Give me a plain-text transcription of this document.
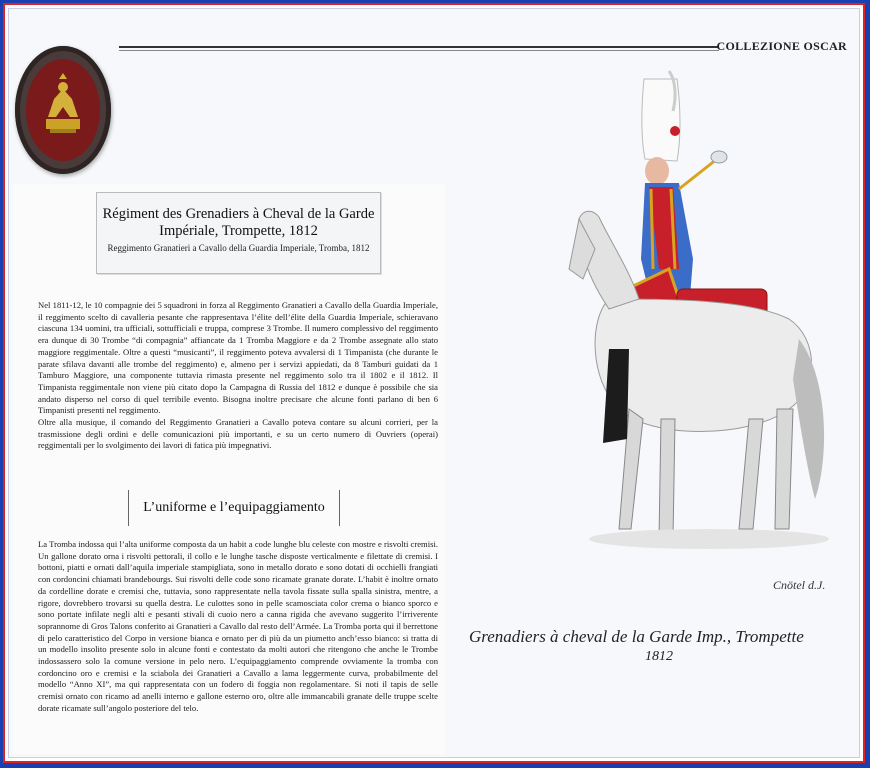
COLLEZIONE OSCAR
Régiment des Grenadiers à Cheval de la Garde
Impériale, Trompette, 1812
Reggimento Granatieri a Cavallo della Guardia Imperiale, Tromba, 1812
Nel 1811-12, le 10 compagnie dei 5 squadroni in forza al Reggimento Granatieri a Cavallo della Guardia Imperiale, il reggimento scelto di cavalleria pesante che rappresentava l’élite dell’élite della Guardia Imperiale, schieravano ciascuna 134 uomini, tra ufficiali, sottufficiali e truppa, comprese 3 Trombe. Il numero complessivo del reggimento era dunque di 30 Trombe “di compagnia” affiancate da 1 Tromba Maggiore e da 2 Trombe assegnate allo stato maggiore reggimentale. Oltre a questi “musicanti”, il reggimento poteva avvalersi di 1 Timpanista (che durante le parate sfilava davanti alle trombe del reggimento) e, almeno per i servizi appiedati, da 8 Tamburi guidati da 1 Tamburo Maggiore, una componente tuttavia rimasta presente nel reggimento solo tra il 1802 e il 1812. Il Timpanista reggimentale non viene più citato dopo la Campagna di Russia del 1812 e dunque è possibile che sia andato disperso nel corso di quel terribile evento. Bisogna inoltre precisare che alcune fonti parlano di ben 6 Timpanisti presenti nel reggimento.
Oltre alla musique, il comando del Reggimento Granatieri a Cavallo poteva contare su alcuni corrieri, per la trasmissione degli ordini e delle comunicazioni più importanti, e su un certo numero di Ouvriers (operai) reggimentali per lo svolgimento dei lavori di fatica più impegnativi.
L’uniforme e l’equipaggiamento
La Tromba indossa qui l’alta uniforme composta da un habit a code lunghe blu celeste con mostre e risvolti cremisi. Un gallone dorato orna i risvolti pettorali, il collo e le lunghe tasche disposte verticalmente e filettate di cremisi. I bottoni, piatti e ornati dall’aquila imperiale stampigliata, sono in metallo dorato e sono dotati di occhielli frangiati con cordoncini chiamati brandebourgs. Sui risvolti delle code sono ricamate granate dorate. L’habit è inoltre ornato da cordelline dorate e cremisi che, tuttavia, sono rappresentate nella tavola fissate sulla spalla sinistra, mentre, a rigore, dovrebbero trovarsi su quella destra. Le culottes sono in pelle scamosciata color crema o bianco sporco e sono portate infilate negli alti e pesanti stivali di cuoio nero a canna rigida che avevano suggerito l’irriverente soprannome di Gros Talons conferito ai Granatieri a Cavallo dal resto dell’Armée. La Tromba porta qui il berrettone di pelo caratteristico del Corpo in versione bianca e ornato per di più da un piumetto anch’esso bianco: si tratta di un modello insolito presente solo in alcune fonti e contestato da molti autori che ritengono che anche le Trombe indossassero solo la comune versione in pelo nero. L’equipaggiamento comprende ovviamente la tromba con cordoncino oro e cremisi e la sciabola dei Granatieri a Cavallo a lama leggermente curva, probabilmente del modello “Anno XI”, ma qui rappresentata con un fodero di foggia non regolamentare. Si noti il tapis de selle cremisi ornato con ricamo ad anelli interno e gallone esterno oro, oltre alle immancabili granate delle truppe scelte dorate ricamate sull’angolo posteriore del telo.
Cnötel d.J.
Grenadiers à cheval de la Garde Imp., Trompette
1812
